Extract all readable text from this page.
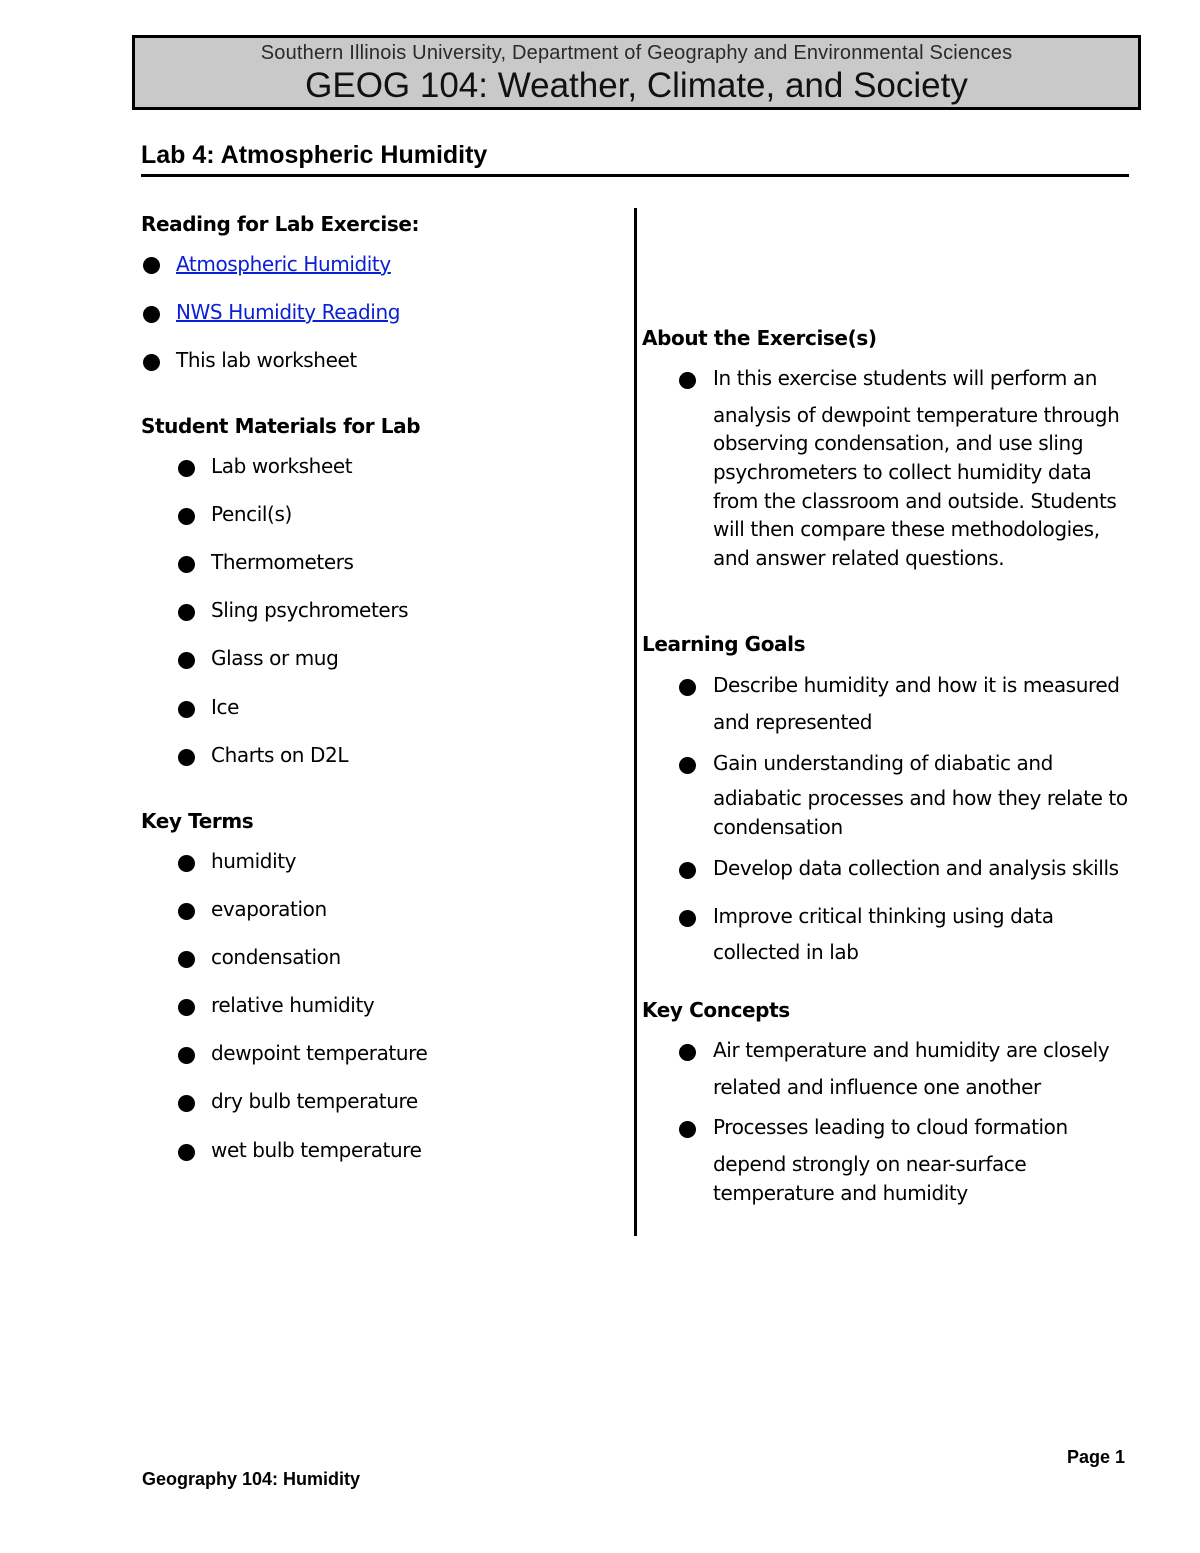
Southern Illinois University, Department of Geography and Environmental Sciences
GEOG 104: Weather, Climate, and Society
Lab 4: Atmospheric Humidity
Reading for Lab Exercise:
Atmospheric Humidity
NWS Humidity Reading
This lab worksheet
Student Materials for Lab
Lab worksheet
Pencil(s)
Thermometers
Sling psychrometers
Glass or mug
Ice
Charts on D2L
Key Terms
humidity
evaporation
condensation
relative humidity
dewpoint temperature
dry bulb temperature
wet bulb temperature
About the Exercise(s)
In this exercise students will perform an
analysis of dewpoint temperature through
observing condensation, and use sling
psychrometers to collect humidity data
from the classroom and outside. Students
will then compare these methodologies,
and answer related questions.
Learning Goals
Describe humidity and how it is measured
and represented
Gain understanding of diabatic and
adiabatic processes and how they relate to
condensation
Develop data collection and analysis skills
Improve critical thinking using data
collected in lab
Key Concepts
Air temperature and humidity are closely
related and influence one another
Processes leading to cloud formation
depend strongly on near-surface
temperature and humidity
Page 1
Geography 104: Humidity
